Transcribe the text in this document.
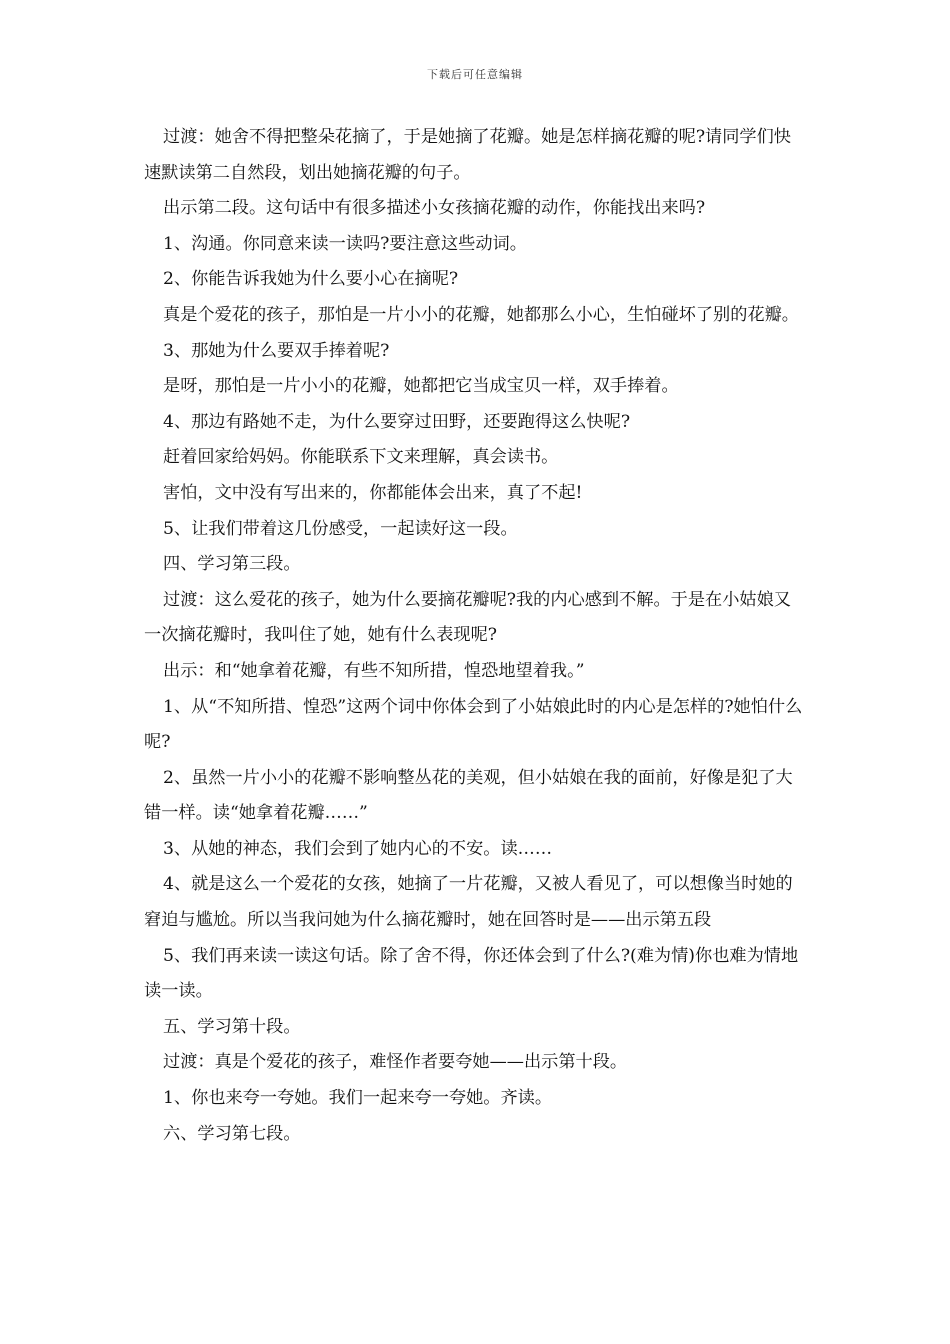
下载后可任意编辑

过渡：她舍不得把整朵花摘了，于是她摘了花瓣。她是怎样摘花瓣的呢?请同学们快速默读第二自然段，划出她摘花瓣的句子。

出示第二段。这句话中有很多描述小女孩摘花瓣的动作，你能找出来吗?

1、沟通。你同意来读一读吗?要注意这些动词。

2、你能告诉我她为什么要小心在摘呢?

真是个爱花的孩子，那怕是一片小小的花瓣，她都那么小心，生怕碰坏了别的花瓣。

3、那她为什么要双手捧着呢?

是呀，那怕是一片小小的花瓣，她都把它当成宝贝一样，双手捧着。

4、那边有路她不走，为什么要穿过田野，还要跑得这么快呢?

赶着回家给妈妈。你能联系下文来理解，真会读书。

害怕，文中没有写出来的，你都能体会出来，真了不起!

5、让我们带着这几份感受，一起读好这一段。

四、学习第三段。

过渡：这么爱花的孩子，她为什么要摘花瓣呢?我的内心感到不解。于是在小姑娘又一次摘花瓣时，我叫住了她，她有什么表现呢?

出示：和“她拿着花瓣，有些不知所措，惶恐地望着我。”

1、从“不知所措、惶恐”这两个词中你体会到了小姑娘此时的内心是怎样的?她怕什么呢?

2、虽然一片小小的花瓣不影响整丛花的美观，但小姑娘在我的面前，好像是犯了大错一样。读“她拿着花瓣……”

3、从她的神态，我们会到了她内心的不安。读……

4、就是这么一个爱花的女孩，她摘了一片花瓣，又被人看见了，可以想像当时她的窘迫与尴尬。所以当我问她为什么摘花瓣时，她在回答时是——出示第五段

5、我们再来读一读这句话。除了舍不得，你还体会到了什么?(难为情)你也难为情地读一读。

五、学习第十段。

过渡：真是个爱花的孩子，难怪作者要夸她——出示第十段。

1、你也来夸一夸她。我们一起来夸一夸她。齐读。

六、学习第七段。
